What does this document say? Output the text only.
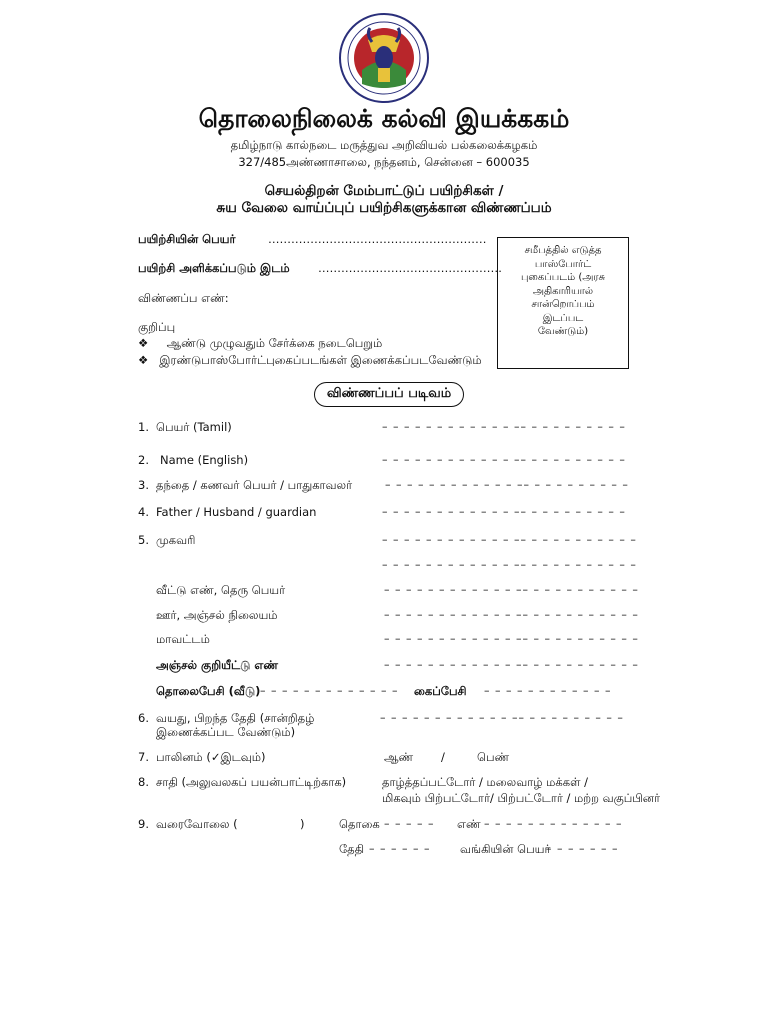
தொலைநிலைக் கல்வி இயக்ககம்
தமிழ்நாடு கால்நடை மருத்துவ அறிவியல் பல்கலைக்கழகம்
327/485அண்ணாசாலை, நந்தனம், சென்னை – 600035
செயல்திறன் மேம்பாட்டுப் பயிற்சிகள் /
சுய வேலை வாய்ப்புப் பயிற்சிகளுக்கான விண்ணப்பம்
பயிற்சியின் பெயர்	…………………………………………………
பயிற்சி அளிக்கப்படும் இடம் …………………………………………
விண்ணப்ப எண்:
குறிப்பு
❖ ஆண்டு முழுவதும் சேர்க்கை நடைபெறும்
❖ இரண்டுபாஸ்போர்ட்புகைப்படங்கள் இணைக்கப்படவேண்டும்
சமீபத்தில் எடுத்த
பாஸ்போர்ட்
புகைப்படம் (அரசு
அதிகாரியால்
சான்றொப்பம்
இடப்பட
வேண்டும்)
விண்ணப்பப் படிவம்
1. பெயர் (Tamil)	– – – – – – – – – – – – –– – – – – – – – – –
2. Name (English)	– – – – – – – – – – – – –– – – – – – – – – –
3. தந்தை / கணவர் பெயர் / பாதுகாவலர்	– – – – – – – – – – – – –– – – – – – – – – –
4. Father / Husband / guardian	– – – – – – – – – – – – –– – – – – – – – – –
5. முகவரி	– – – – – – – – – – – – –– – – – – – – – – – –
– – – – – – – – – – – – –– – – – – – – – – – –
வீட்டு எண், தெரு பெயர்	– – – – – – – – – – – – –– – – – – – – – – – –
ஊர், அஞ்சல் நிலையம்	– – – – – – – – – – – – –– – – – – – – – – – –
மாவட்டம்	– – – – – – – – – – – – –– – – – – – – – – – –
அஞ்சல் குறியீட்டு எண்	– – – – – – – – – – – – –– – – – – – – – – – –
தொலைபேசி (வீடு) – – – – – – – – – – – – – கைப்பேசி – – – – – – – – – – – –
6. வயது, பிறந்த தேதி (சான்றிதழ்
இணைக்கப்பட வேண்டும்)
– – – – – – – – – – – – –– – – – – – – – – –
7. பாலினம் (✓இடவும்)	ஆண் /	பெண்
8. சாதி (அலுவலகப் பயன்பாட்டிற்காக)	தாழ்த்தப்பட்டோர் / மலைவாழ் மக்கள் /
மிகவும் பிற்பட்டோர்/ பிற்பட்டோர் / மற்ற வகுப்பினர்
9. வரைவோலை (	)	தொகை – – – – – எண் – – – – – – – – – – – – –
தேதி – – – – – –	வங்கியின் பெயர்
– – – – – – –
